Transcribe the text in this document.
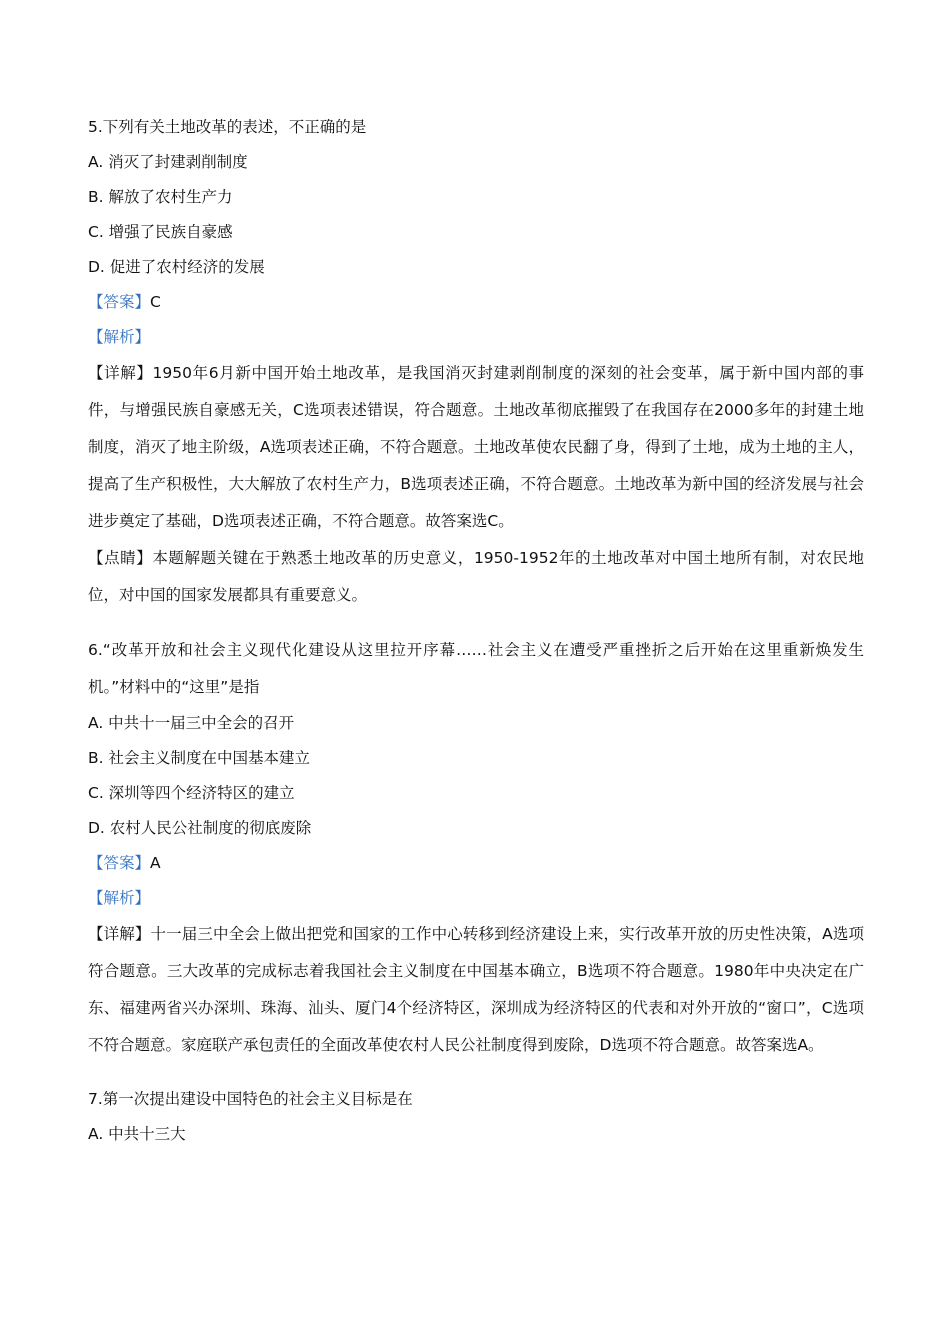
5.下列有关土地改革的表述，不正确的是
A. 消灭了封建剥削制度
B. 解放了农村生产力
C. 增强了民族自豪感
D. 促进了农村经济的发展
【答案】C
【解析】
【详解】1950年6月新中国开始土地改革，是我国消灭封建剥削制度的深刻的社会变革，属于新中国内部的事件，与增强民族自豪感无关，C选项表述错误，符合题意。土地改革彻底摧毁了在我国存在2000多年的封建土地制度，消灭了地主阶级，A选项表述正确，不符合题意。土地改革使农民翻了身，得到了土地，成为土地的主人，提高了生产积极性，大大解放了农村生产力，B选项表述正确，不符合题意。土地改革为新中国的经济发展与社会进步奠定了基础，D选项表述正确，不符合题意。故答案选C。
【点睛】本题解题关键在于熟悉土地改革的历史意义，1950-1952年的土地改革对中国土地所有制，对农民地位，对中国的国家发展都具有重要意义。
6.“改革开放和社会主义现代化建设从这里拉开序幕……社会主义在遭受严重挫折之后开始在这里重新焕发生机。”材料中的“这里”是指
A. 中共十一届三中全会的召开
B. 社会主义制度在中国基本建立
C. 深圳等四个经济特区的建立
D. 农村人民公社制度的彻底废除
【答案】A
【解析】
【详解】十一届三中全会上做出把党和国家的工作中心转移到经济建设上来，实行改革开放的历史性决策，A选项符合题意。三大改革的完成标志着我国社会主义制度在中国基本确立，B选项不符合题意。1980年中央决定在广东、福建两省兴办深圳、珠海、汕头、厦门4个经济特区，深圳成为经济特区的代表和对外开放的“窗口”，C选项不符合题意。家庭联产承包责任的全面改革使农村人民公社制度得到废除，D选项不符合题意。故答案选A。
7.第一次提出建设中国特色的社会主义目标是在
A. 中共十三大
